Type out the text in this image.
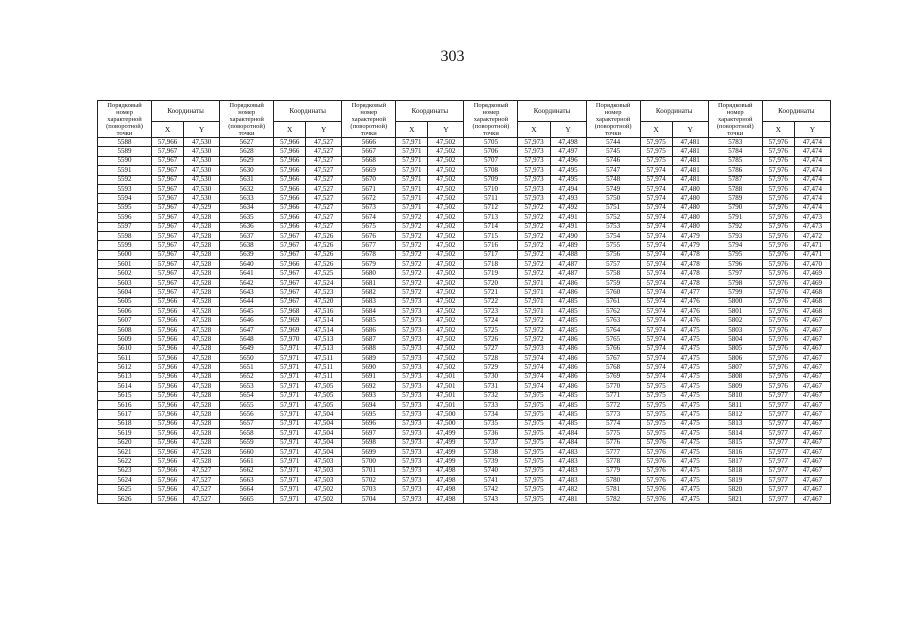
303
Порядковый
номер
характерной
(поворотной)
точки	Координаты		Порядковый
номер
характерной
(поворотной)
точки	Координаты		Порядковый
номер
характерной
(поворотной)
точки	Координаты		Порядковый
номер
характерной
(поворотной)
точки	Координаты		Порядковый
номер
характерной
(поворотной)
точки	Координаты		Порядковый
номер
характерной
(поворотной)
точки	Координаты	
	X	Y		X	Y		X	Y		X	Y		X	Y		X	Y
5588	57,966	47,530	5627	57,966	47,527	5666	57,971	47,502	5705	57,973	47,498	5744	57,975	47,481	5783	57,976	47,474
5589	57,967	47,530	5628	57,966	47,527	5667	57,971	47,502	5706	57,973	47,497	5745	57,975	47,481	5784	57,976	47,474
5590	57,967	47,530	5629	57,966	47,527	5668	57,971	47,502	5707	57,973	47,496	5746	57,975	47,481	5785	57,976	47,474
5591	57,967	47,530	5630	57,966	47,527	5669	57,971	47,502	5708	57,973	47,495	5747	57,974	47,481	5786	57,976	47,474
5592	57,967	47,530	5631	57,966	47,527	5670	57,971	47,502	5709	57,973	47,495	5748	57,974	47,481	5787	57,976	47,474
5593	57,967	47,530	5632	57,966	47,527	5671	57,971	47,502	5710	57,973	47,494	5749	57,974	47,480	5788	57,976	47,474
5594	57,967	47,530	5633	57,966	47,527	5672	57,971	47,502	5711	57,973	47,493	5750	57,974	47,480	5789	57,976	47,474
5595	57,967	47,529	5634	57,966	47,527	5673	57,971	47,502	5712	57,972	47,492	5751	57,974	47,480	5790	57,976	47,474
5596	57,967	47,528	5635	57,966	47,527	5674	57,972	47,502	5713	57,972	47,491	5752	57,974	47,480	5791	57,976	47,473
5597	57,967	47,528	5636	57,966	47,527	5675	57,972	47,502	5714	57,972	47,491	5753	57,974	47,480	5792	57,976	47,473
5598	57,967	47,528	5637	57,967	47,526	5676	57,972	47,502	5715	57,972	47,490	5754	57,974	47,479	5793	57,976	47,472
5599	57,967	47,528	5638	57,967	47,526	5677	57,972	47,502	5716	57,972	47,489	5755	57,974	47,479	5794	57,976	47,471
5600	57,967	47,528	5639	57,967	47,526	5678	57,972	47,502	5717	57,972	47,488	5756	57,974	47,478	5795	57,976	47,471
5601	57,967	47,528	5640	57,966	47,526	5679	57,972	47,502	5718	57,972	47,487	5757	57,974	47,478	5796	57,976	47,470
5602	57,967	47,528	5641	57,967	47,525	5680	57,972	47,502	5719	57,972	47,487	5758	57,974	47,478	5797	57,976	47,469
5603	57,967	47,528	5642	57,967	47,524	5681	57,972	47,502	5720	57,971	47,486	5759	57,974	47,478	5798	57,976	47,469
5604	57,967	47,528	5643	57,967	47,523	5682	57,972	47,502	5721	57,971	47,486	5760	57,974	47,477	5799	57,976	47,468
5605	57,966	47,528	5644	57,967	47,520	5683	57,973	47,502	5722	57,971	47,485	5761	57,974	47,476	5800	57,976	47,468
5606	57,966	47,528	5645	57,968	47,516	5684	57,973	47,502	5723	57,971	47,485	5762	57,974	47,476	5801	57,976	47,468
5607	57,966	47,528	5646	57,969	47,514	5685	57,973	47,502	5724	57,972	47,485	5763	57,974	47,476	5802	57,976	47,467
5608	57,966	47,528	5647	57,969	47,514	5686	57,973	47,502	5725	57,972	47,485	5764	57,974	47,475	5803	57,976	47,467
5609	57,966	47,528	5648	57,970	47,513	5687	57,973	47,502	5726	57,972	47,486	5765	57,974	47,475	5804	57,976	47,467
5610	57,966	47,528	5649	57,971	47,513	5688	57,973	47,502	5727	57,973	47,486	5766	57,974	47,475	5805	57,976	47,467
5611	57,966	47,528	5650	57,971	47,511	5689	57,973	47,502	5728	57,974	47,486	5767	57,974	47,475	5806	57,976	47,467
5612	57,966	47,528	5651	57,971	47,511	5690	57,973	47,502	5729	57,974	47,486	5768	57,974	47,475	5807	57,976	47,467
5613	57,966	47,528	5652	57,971	47,511	5691	57,973	47,501	5730	57,974	47,486	5769	57,974	47,475	5808	57,976	47,467
5614	57,966	47,528	5653	57,971	47,505	5692	57,973	47,501	5731	57,974	47,486	5770	57,975	47,475	5809	57,976	47,467
5615	57,966	47,528	5654	57,971	47,505	5693	57,973	47,501	5732	57,975	47,485	5771	57,975	47,475	5810	57,977	47,467
5616	57,966	47,528	5655	57,971	47,505	5694	57,973	47,501	5733	57,975	47,485	5772	57,975	47,475	5811	57,977	47,467
5617	57,966	47,528	5656	57,971	47,504	5695	57,973	47,500	5734	57,975	47,485	5773	57,975	47,475	5812	57,977	47,467
5618	57,966	47,528	5657	57,971	47,504	5696	57,973	47,500	5735	57,975	47,485	5774	57,975	47,475	5813	57,977	47,467
5619	57,966	47,528	5658	57,971	47,504	5697	57,973	47,499	5736	57,975	47,484	5775	57,975	47,475	5814	57,977	47,467
5620	57,966	47,528	5659	57,971	47,504	5698	57,973	47,499	5737	57,975	47,484	5776	57,976	47,475	5815	57,977	47,467
5621	57,966	47,528	5660	57,971	47,504	5699	57,973	47,499	5738	57,975	47,483	5777	57,976	47,475	5816	57,977	47,467
5622	57,966	47,528	5661	57,971	47,503	5700	57,973	47,499	5739	57,975	47,483	5778	57,976	47,475	5817	57,977	47,467
5623	57,966	47,527	5662	57,971	47,503	5701	57,973	47,498	5740	57,975	47,483	5779	57,976	47,475	5818	57,977	47,467
5624	57,966	47,527	5663	57,971	47,503	5702	57,973	47,498	5741	57,975	47,483	5780	57,976	47,475	5819	57,977	47,467
5625	57,966	47,527	5664	57,971	47,502	5703	57,973	47,498	5742	57,975	47,482	5781	57,976	47,475	5820	57,977	47,467
5626	57,966	47,527	5665	57,971	47,502	5704	57,973	47,498	5743	57,975	47,481	5782	57,976	47,475	5821	57,977	47,467
